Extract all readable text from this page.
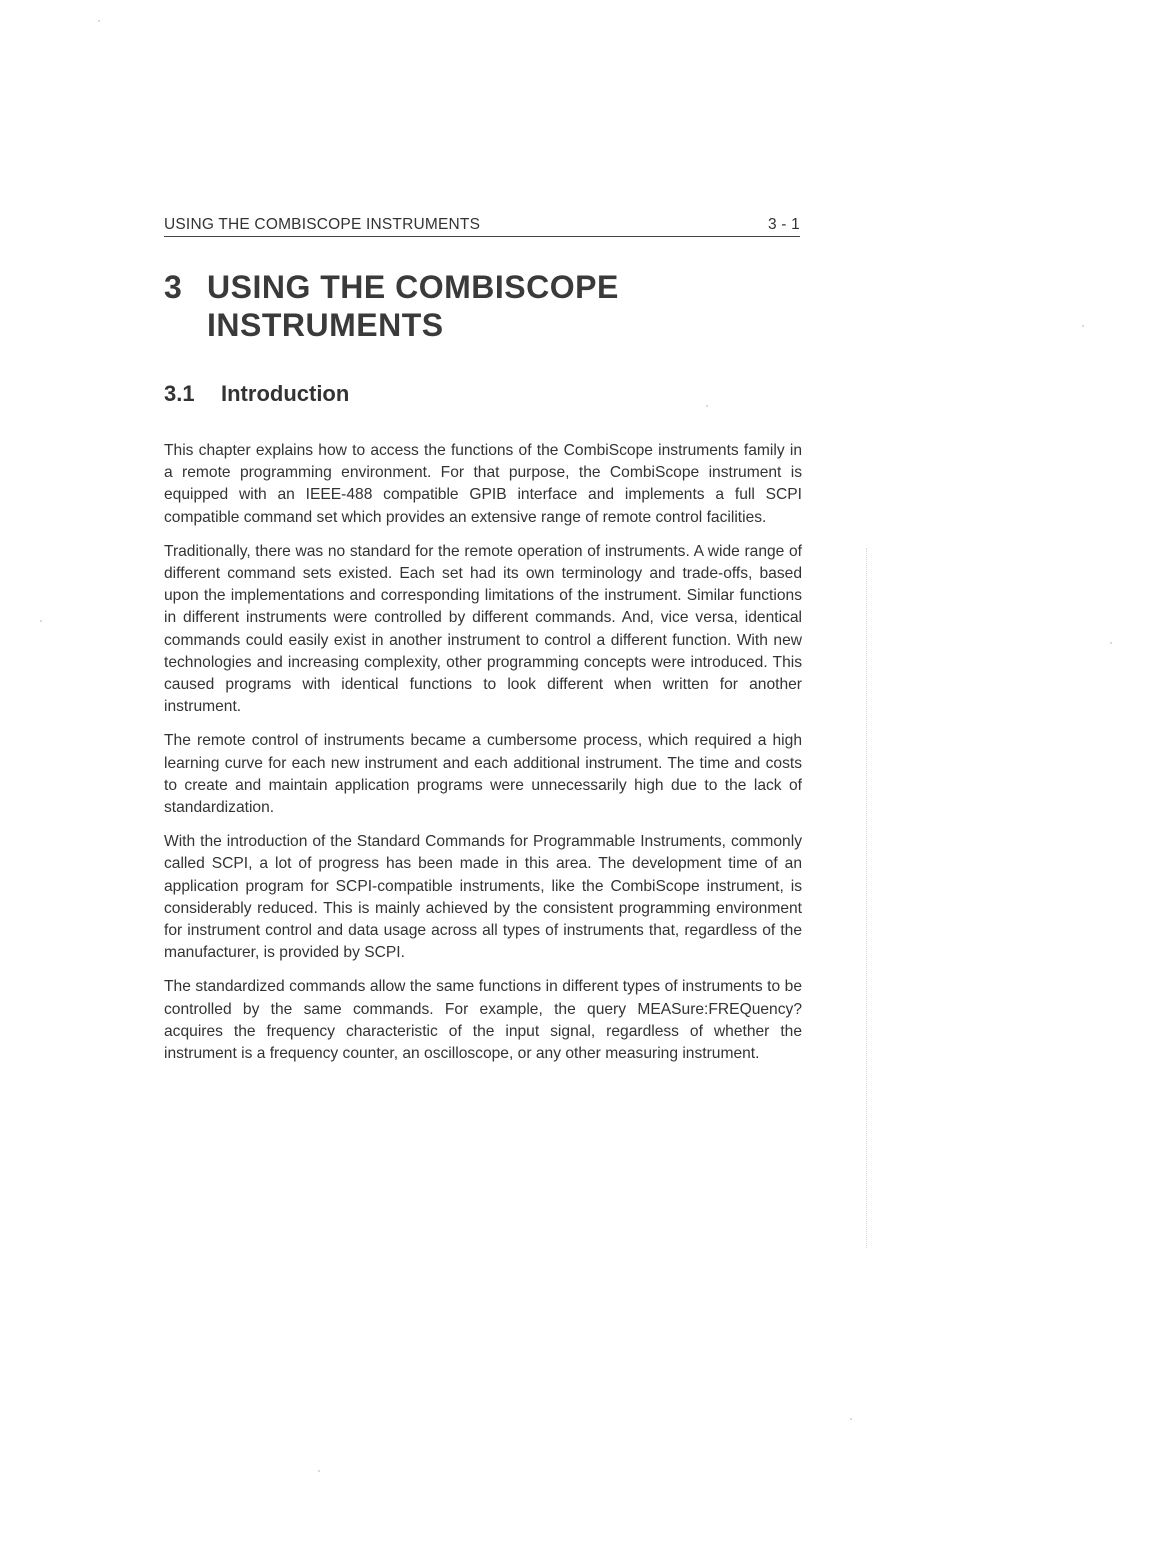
USING THE COMBISCOPE INSTRUMENTS	3 - 1
3 USING THE COMBISCOPE INSTRUMENTS
3.1 Introduction

This chapter explains how to access the functions of the CombiScope instruments family in a remote programming environment. For that purpose, the CombiScope instrument is equipped with an IEEE-488 compatible GPIB interface and implements a full SCPI compatible command set which provides an extensive range of remote control facilities.

Traditionally, there was no standard for the remote operation of instruments. A wide range of different command sets existed. Each set had its own terminology and trade-offs, based upon the implementations and corresponding limitations of the instrument. Similar functions in different instruments were controlled by different commands. And, vice versa, identical commands could easily exist in another instrument to control a different function. With new technologies and increasing complexity, other programming concepts were introduced. This caused programs with identical functions to look different when written for another instrument.

The remote control of instruments became a cumbersome process, which required a high learning curve for each new instrument and each additional instrument. The time and costs to create and maintain application programs were unnecessarily high due to the lack of standardization.

With the introduction of the Standard Commands for Programmable Instruments, commonly called SCPI, a lot of progress has been made in this area. The development time of an application program for SCPI-compatible instruments, like the CombiScope instrument, is considerably reduced. This is mainly achieved by the consistent programming environment for instrument control and data usage across all types of instruments that, regardless of the manufacturer, is provided by SCPI.

The standardized commands allow the same functions in different types of instruments to be controlled by the same commands. For example, the query MEASure:FREQuency? acquires the frequency characteristic of the input signal, regardless of whether the instrument is a frequency counter, an oscilloscope, or any other measuring instrument.
